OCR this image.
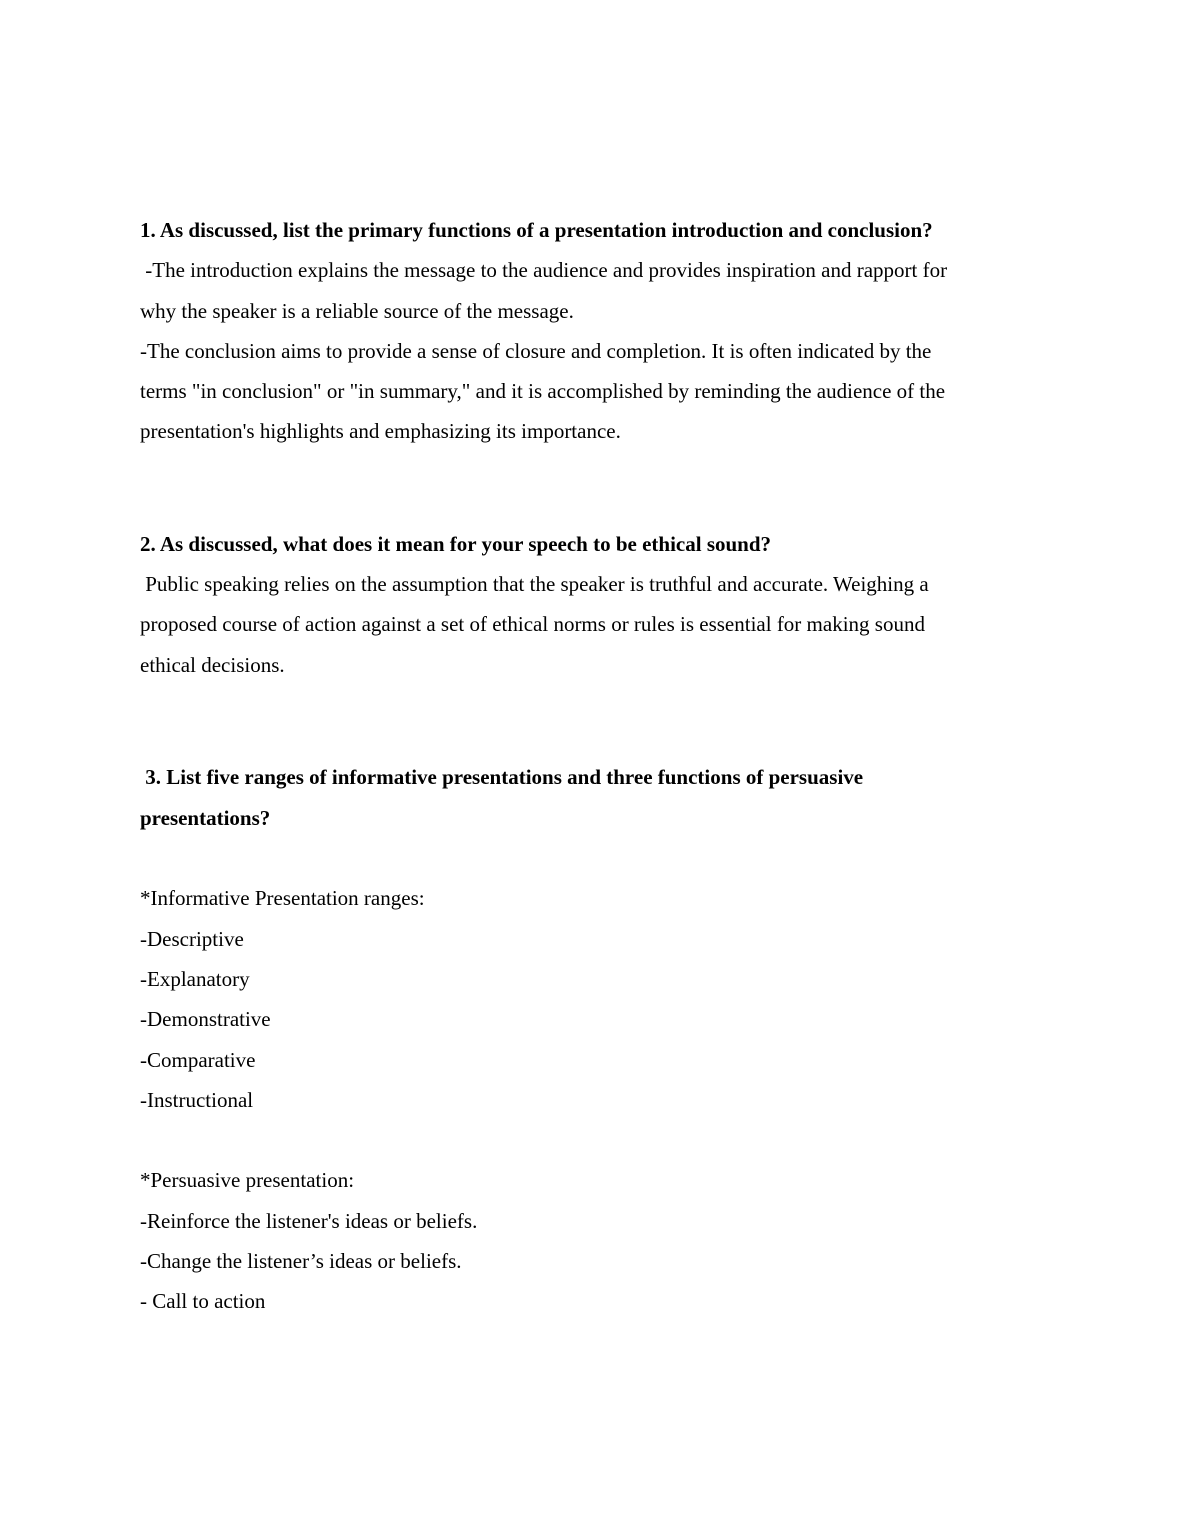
1. As discussed, list the primary functions of a presentation introduction and conclusion?
-The introduction explains the message to the audience and provides inspiration and rapport for
why the speaker is a reliable source of the message.
-The conclusion aims to provide a sense of closure and completion. It is often indicated by the
terms "in conclusion" or "in summary," and it is accomplished by reminding the audience of the
presentation's highlights and emphasizing its importance.
2. As discussed, what does it mean for your speech to be ethical sound?
Public speaking relies on the assumption that the speaker is truthful and accurate. Weighing a
proposed course of action against a set of ethical norms or rules is essential for making sound
ethical decisions.
3. List five ranges of informative presentations and three functions of persuasive
presentations?
*Informative Presentation ranges:
-Descriptive
-Explanatory
-Demonstrative
-Comparative
-Instructional
*Persuasive presentation:
-Reinforce the listener's ideas or beliefs.
-Change the listener’s ideas or beliefs.
- Call to action
